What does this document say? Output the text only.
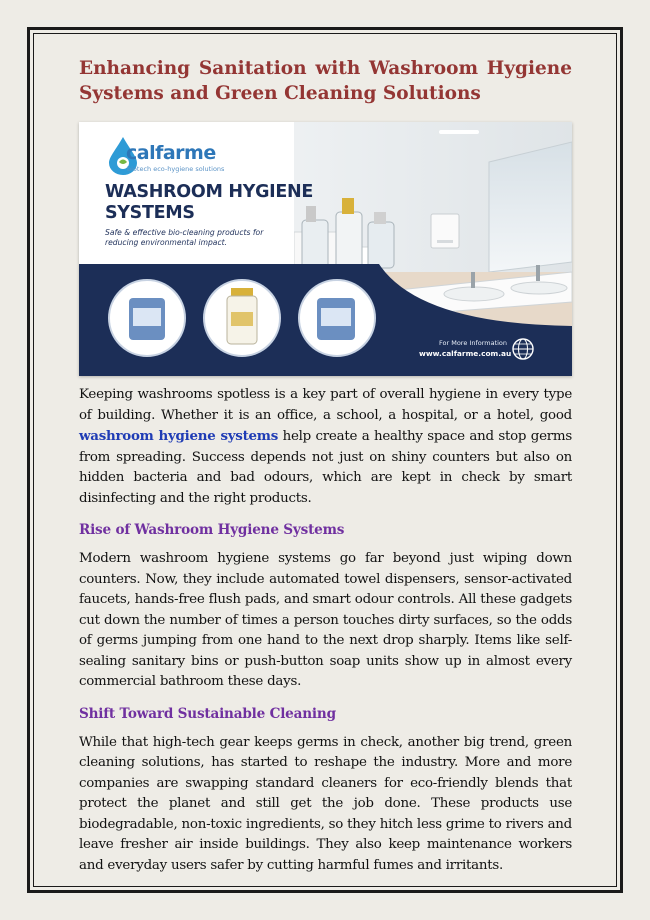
Enhancing Sanitation with Washroom Hygiene Systems and Green Cleaning Solutions
calfarme
biotech eco-hygiene solutions
WASHROOM HYGIENE
SYSTEMS
Safe & effective bio-cleaning products for reducing environmental impact.
For More Information
www.calfarme.com.au

Keeping washrooms spotless is a key part of overall hygiene in every type of building. Whether it is an office, a school, a hospital, or a hotel, good washroom hygiene systems help create a healthy space and stop germs from spreading. Success depends not just on shiny counters but also on hidden bacteria and bad odours, which are kept in check by smart disinfecting and the right products.

Rise of Washroom Hygiene Systems

Modern washroom hygiene systems go far beyond just wiping down counters. Now, they include automated towel dispensers, sensor-activated faucets, hands-free flush pads, and smart odour controls. All these gadgets cut down the number of times a person touches dirty surfaces, so the odds of germs jumping from one hand to the next drop sharply. Items like self-sealing sanitary bins or push-button soap units show up in almost every commercial bathroom these days.

Shift Toward Sustainable Cleaning

While that high-tech gear keeps germs in check, another big trend, green cleaning solutions, has started to reshape the industry. More and more companies are swapping standard cleaners for eco-friendly blends that protect the planet and still get the job done. These products use biodegradable, non-toxic ingredients, so they hitch less grime to rivers and leave fresher air inside buildings. They also keep maintenance workers and everyday users safer by cutting harmful fumes and irritants.
